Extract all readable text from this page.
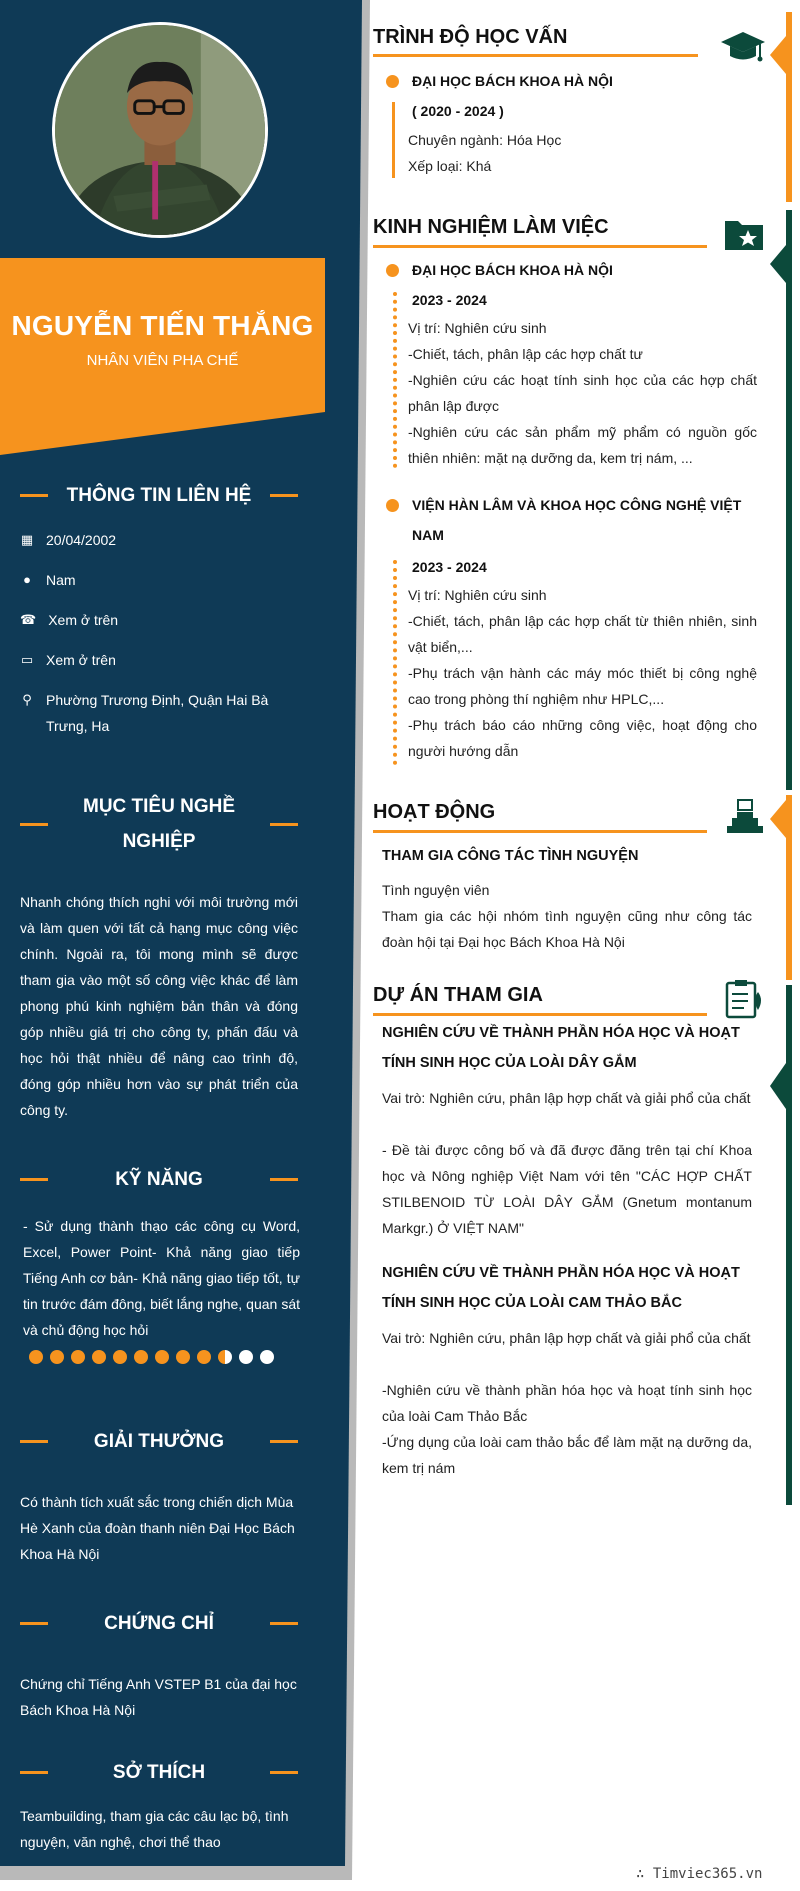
NGUYỄN TIẾN THẮNG
NHÂN VIÊN PHA CHẾ
THÔNG TIN LIÊN HỆ
▦ 20/04/2002
● Nam
☎ Xem ở trên
▭ Xem ở trên
⚲ Phường Trương Định, Quận Hai Bà Trưng, Ha
MỤC TIÊU NGHỀ NGHIỆP
Nhanh chóng thích nghi với môi trường mới và làm quen với tất cả hạng mục công việc chính. Ngoài ra, tôi mong mình sẽ được tham gia vào một số công việc khác để làm phong phú kinh nghiệm bản thân và đóng góp nhiều giá trị cho công ty, phấn đấu và học hỏi thật nhiều để nâng cao trình độ, đóng góp nhiều hơn vào sự phát triển của công ty.
KỸ NĂNG
- Sử dụng thành thạo các công cụ Word, Excel, Power Point- Khả năng giao tiếp Tiếng Anh cơ bản- Khả năng giao tiếp tốt, tự tin trước đám đông, biết lắng nghe, quan sát và chủ động học hỏi
GIẢI THƯỞNG
Có thành tích xuất sắc trong chiến dịch Mùa Hè Xanh của đoàn thanh niên Đại Học Bách Khoa Hà Nội
CHỨNG CHỈ
Chứng chỉ Tiếng Anh VSTEP B1 của đại học Bách Khoa Hà Nội
SỞ THÍCH
Teambuilding, tham gia các câu lạc bộ, tình nguyện, văn nghệ, chơi thể thao
TRÌNH ĐỘ HỌC VẤN
ĐẠI HỌC BÁCH KHOA HÀ NỘI
( 2020 - 2024 )
Chuyên ngành: Hóa Học
Xếp loại: Khá
KINH NGHIỆM LÀM VIỆC
ĐẠI HỌC BÁCH KHOA HÀ NỘI
2023 - 2024
Vị trí: Nghiên cứu sinh
-Chiết, tách, phân lập các hợp chất tư
-Nghiên cứu các hoạt tính sinh học của các hợp chất phân lập được
-Nghiên cứu các sản phẩm mỹ phẩm có nguồn gốc thiên nhiên: mặt nạ dưỡng da, kem trị nám, ...
VIỆN HÀN LÂM VÀ KHOA HỌC CÔNG NGHỆ VIỆT NAM
2023 - 2024
Vị trí: Nghiên cứu sinh
-Chiết, tách, phân lập các hợp chất từ thiên nhiên, sinh vật biển,...
-Phụ trách vận hành các máy móc thiết bị công nghệ cao trong phòng thí nghiệm như HPLC,...
-Phụ trách báo cáo những công việc, hoạt động cho người hướng dẫn
HOẠT ĐỘNG
THAM GIA CÔNG TÁC TÌNH NGUYỆN
Tình nguyện viên
Tham gia các hội nhóm tình nguyện cũng như công tác đoàn hội tại Đại học Bách Khoa Hà Nội
DỰ ÁN THAM GIA
NGHIÊN CỨU VỀ THÀNH PHẦN HÓA HỌC VÀ HOẠT TÍNH SINH HỌC CỦA LOÀI DÂY GẮM
Vai trò: Nghiên cứu, phân lập hợp chất và giải phổ của chất
- Đề tài được công bố và đã được đăng trên tại chí Khoa học và Nông nghiệp Việt Nam với tên "CÁC HỢP CHẤT STILBENOID TỪ LOÀI DÂY GẮM (Gnetum montanum Markgr.) Ở VIỆT NAM"
NGHIÊN CỨU VỀ THÀNH PHẦN HÓA HỌC VÀ HOẠT TÍNH SINH HỌC CỦA LOÀI CAM THẢO BẮC
Vai trò: Nghiên cứu, phân lập hợp chất và giải phổ của chất
-Nghiên cứu về thành phần hóa học và hoạt tính sinh học của loài Cam Thảo Bắc
-Ứng dụng của loài cam thảo bắc để làm mặt nạ dưỡng da, kem trị nám
∴ Timviec365.vn
